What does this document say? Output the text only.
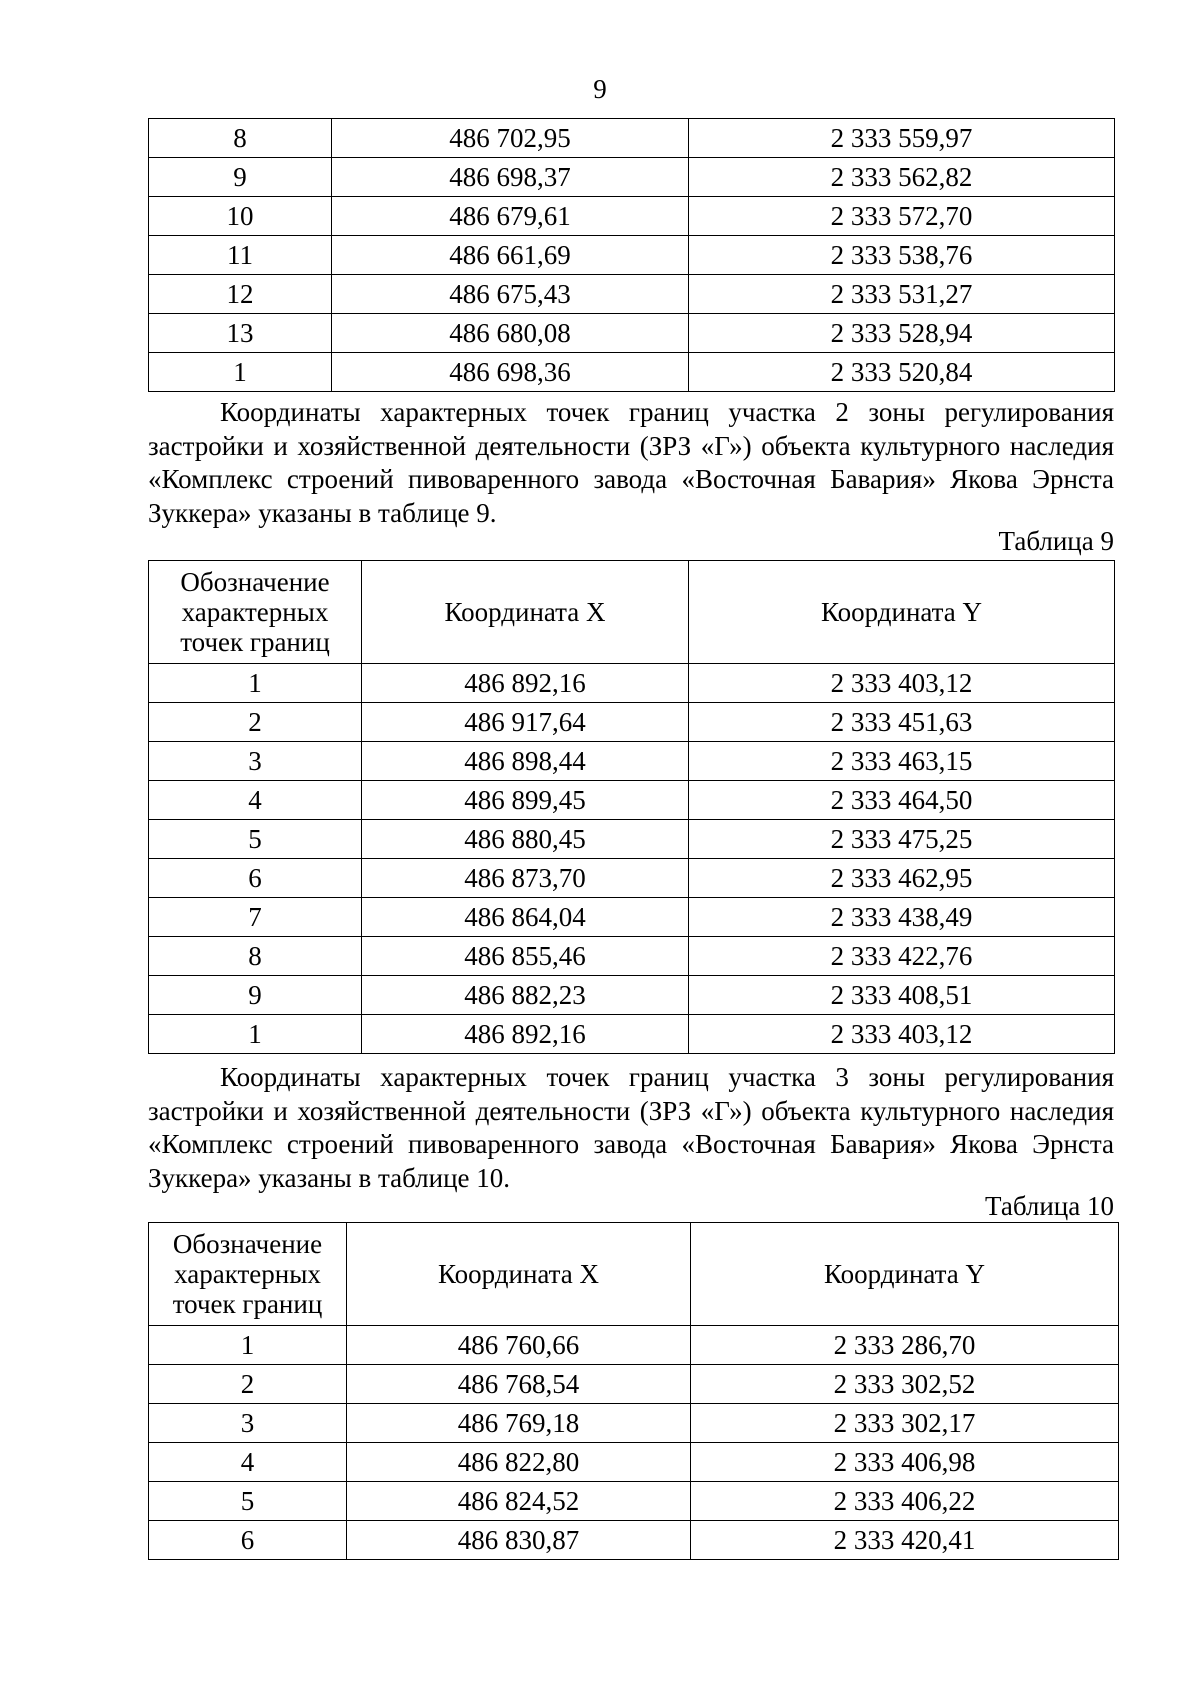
9
8	486 702,95	2 333 559,97
9	486 698,37	2 333 562,82
10	486 679,61	2 333 572,70
11	486 661,69	2 333 538,76
12	486 675,43	2 333 531,27
13	486 680,08	2 333 528,94
1	486 698,36	2 333 520,84
Координаты характерных точек границ участка 2 зоны регулирования застройки и хозяйственной деятельности (ЗРЗ «Г») объекта культурного наследия «Комплекс строений пивоваренного завода «Восточная Бавария» Якова Эрнста Зуккера» указаны в таблице 9.
Таблица 9
Обозначение
характерных
точек границ	Координата X	Координата Y
1	486 892,16	2 333 403,12
2	486 917,64	2 333 451,63
3	486 898,44	2 333 463,15
4	486 899,45	2 333 464,50
5	486 880,45	2 333 475,25
6	486 873,70	2 333 462,95
7	486 864,04	2 333 438,49
8	486 855,46	2 333 422,76
9	486 882,23	2 333 408,51
1	486 892,16	2 333 403,12
Координаты характерных точек границ участка 3 зоны регулирования застройки и хозяйственной деятельности (ЗРЗ «Г») объекта культурного наследия «Комплекс строений пивоваренного завода «Восточная Бавария» Якова Эрнста Зуккера» указаны в таблице 10.
Таблица 10
Обозначение
характерных
точек границ	Координата X	Координата Y
1	486 760,66	2 333 286,70
2	486 768,54	2 333 302,52
3	486 769,18	2 333 302,17
4	486 822,80	2 333 406,98
5	486 824,52	2 333 406,22
6	486 830,87	2 333 420,41
